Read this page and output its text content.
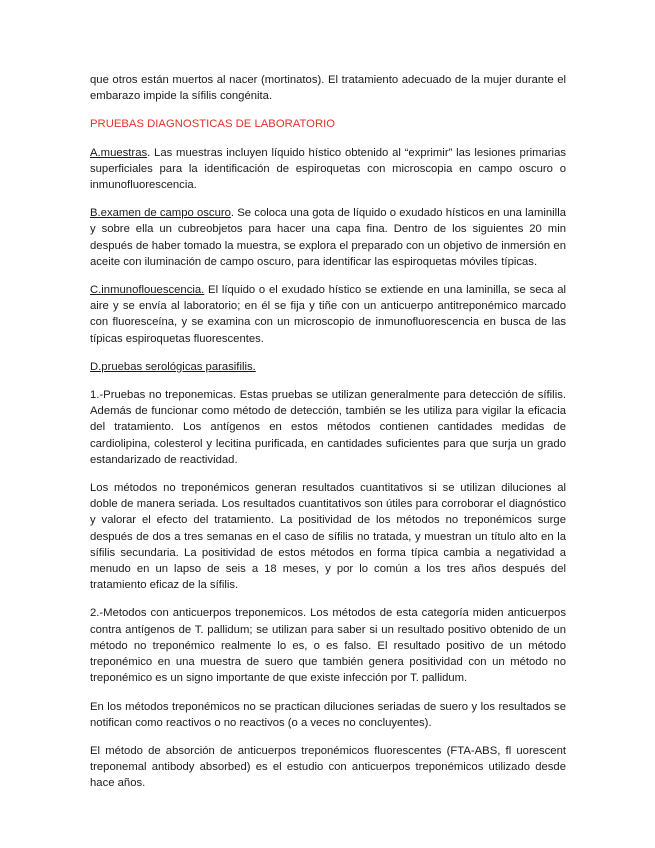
que otros están muertos al nacer (mortinatos). El tratamiento adecuado de la mujer durante el embarazo impide la sífilis congénita.

PRUEBAS DIAGNOSTICAS DE LABORATORIO

A.muestras. Las muestras incluyen líquido hístico obtenido al “exprimir” las lesiones primarias superficiales para la identificación de espiroquetas con microscopia en campo oscuro o inmunofluorescencia.

B.examen de campo oscuro. Se coloca una gota de líquido o exudado hísticos en una laminilla y sobre ella un cubreobjetos para hacer una capa fina. Dentro de los siguientes 20 min después de haber tomado la muestra, se explora el preparado con un objetivo de inmersión en aceite con iluminación de campo oscuro, para identificar las espiroquetas móviles típicas.

C.inmunoflouescencia. El líquido o el exudado hístico se extiende en una laminilla, se seca al aire y se envía al laboratorio; en él se fija y tiñe con un anticuerpo antitreponémico marcado con fluoresceína, y se examina con un microscopio de inmunofluorescencia en busca de las típicas espiroquetas fluorescentes.

D.pruebas serológicas parasifilis.

1.-Pruebas no treponemicas. Estas pruebas se utilizan generalmente para detección de sífilis. Además de funcionar como método de detección, también se les utiliza para vigilar la eficacia del tratamiento. Los antígenos en estos métodos contienen cantidades medidas de cardiolipina, colesterol y lecitina purificada, en cantidades suficientes para que surja un grado estandarizado de reactividad.

Los métodos no treponémicos generan resultados cuantitativos si se utilizan diluciones al doble de manera seriada. Los resultados cuantitativos son útiles para corroborar el diagnóstico y valorar el efecto del tratamiento. La positividad de los métodos no treponémicos surge después de dos a tres semanas en el caso de sífilis no tratada, y muestran un título alto en la sífilis secundaria. La positividad de estos métodos en forma típica cambia a negatividad a menudo en un lapso de seis a 18 meses, y por lo común a los tres años después del tratamiento eficaz de la sífilis.

2.-Metodos con anticuerpos treponemicos. Los métodos de esta categoría miden anticuerpos contra antígenos de T. pallidum; se utilizan para saber si un resultado positivo obtenido de un método no treponémico realmente lo es, o es falso. El resultado positivo de un método treponémico en una muestra de suero que también genera positividad con un método no treponémico es un signo importante de que existe infección por T. pallidum.

En los métodos treponémicos no se practican diluciones seriadas de suero y los resultados se notifican como reactivos o no reactivos (o a veces no concluyentes).

El método de absorción de anticuerpos treponémicos fluorescentes (FTA-ABS, fl uorescent treponemal antibody absorbed) es el estudio con anticuerpos treponémicos utilizado desde hace años.
